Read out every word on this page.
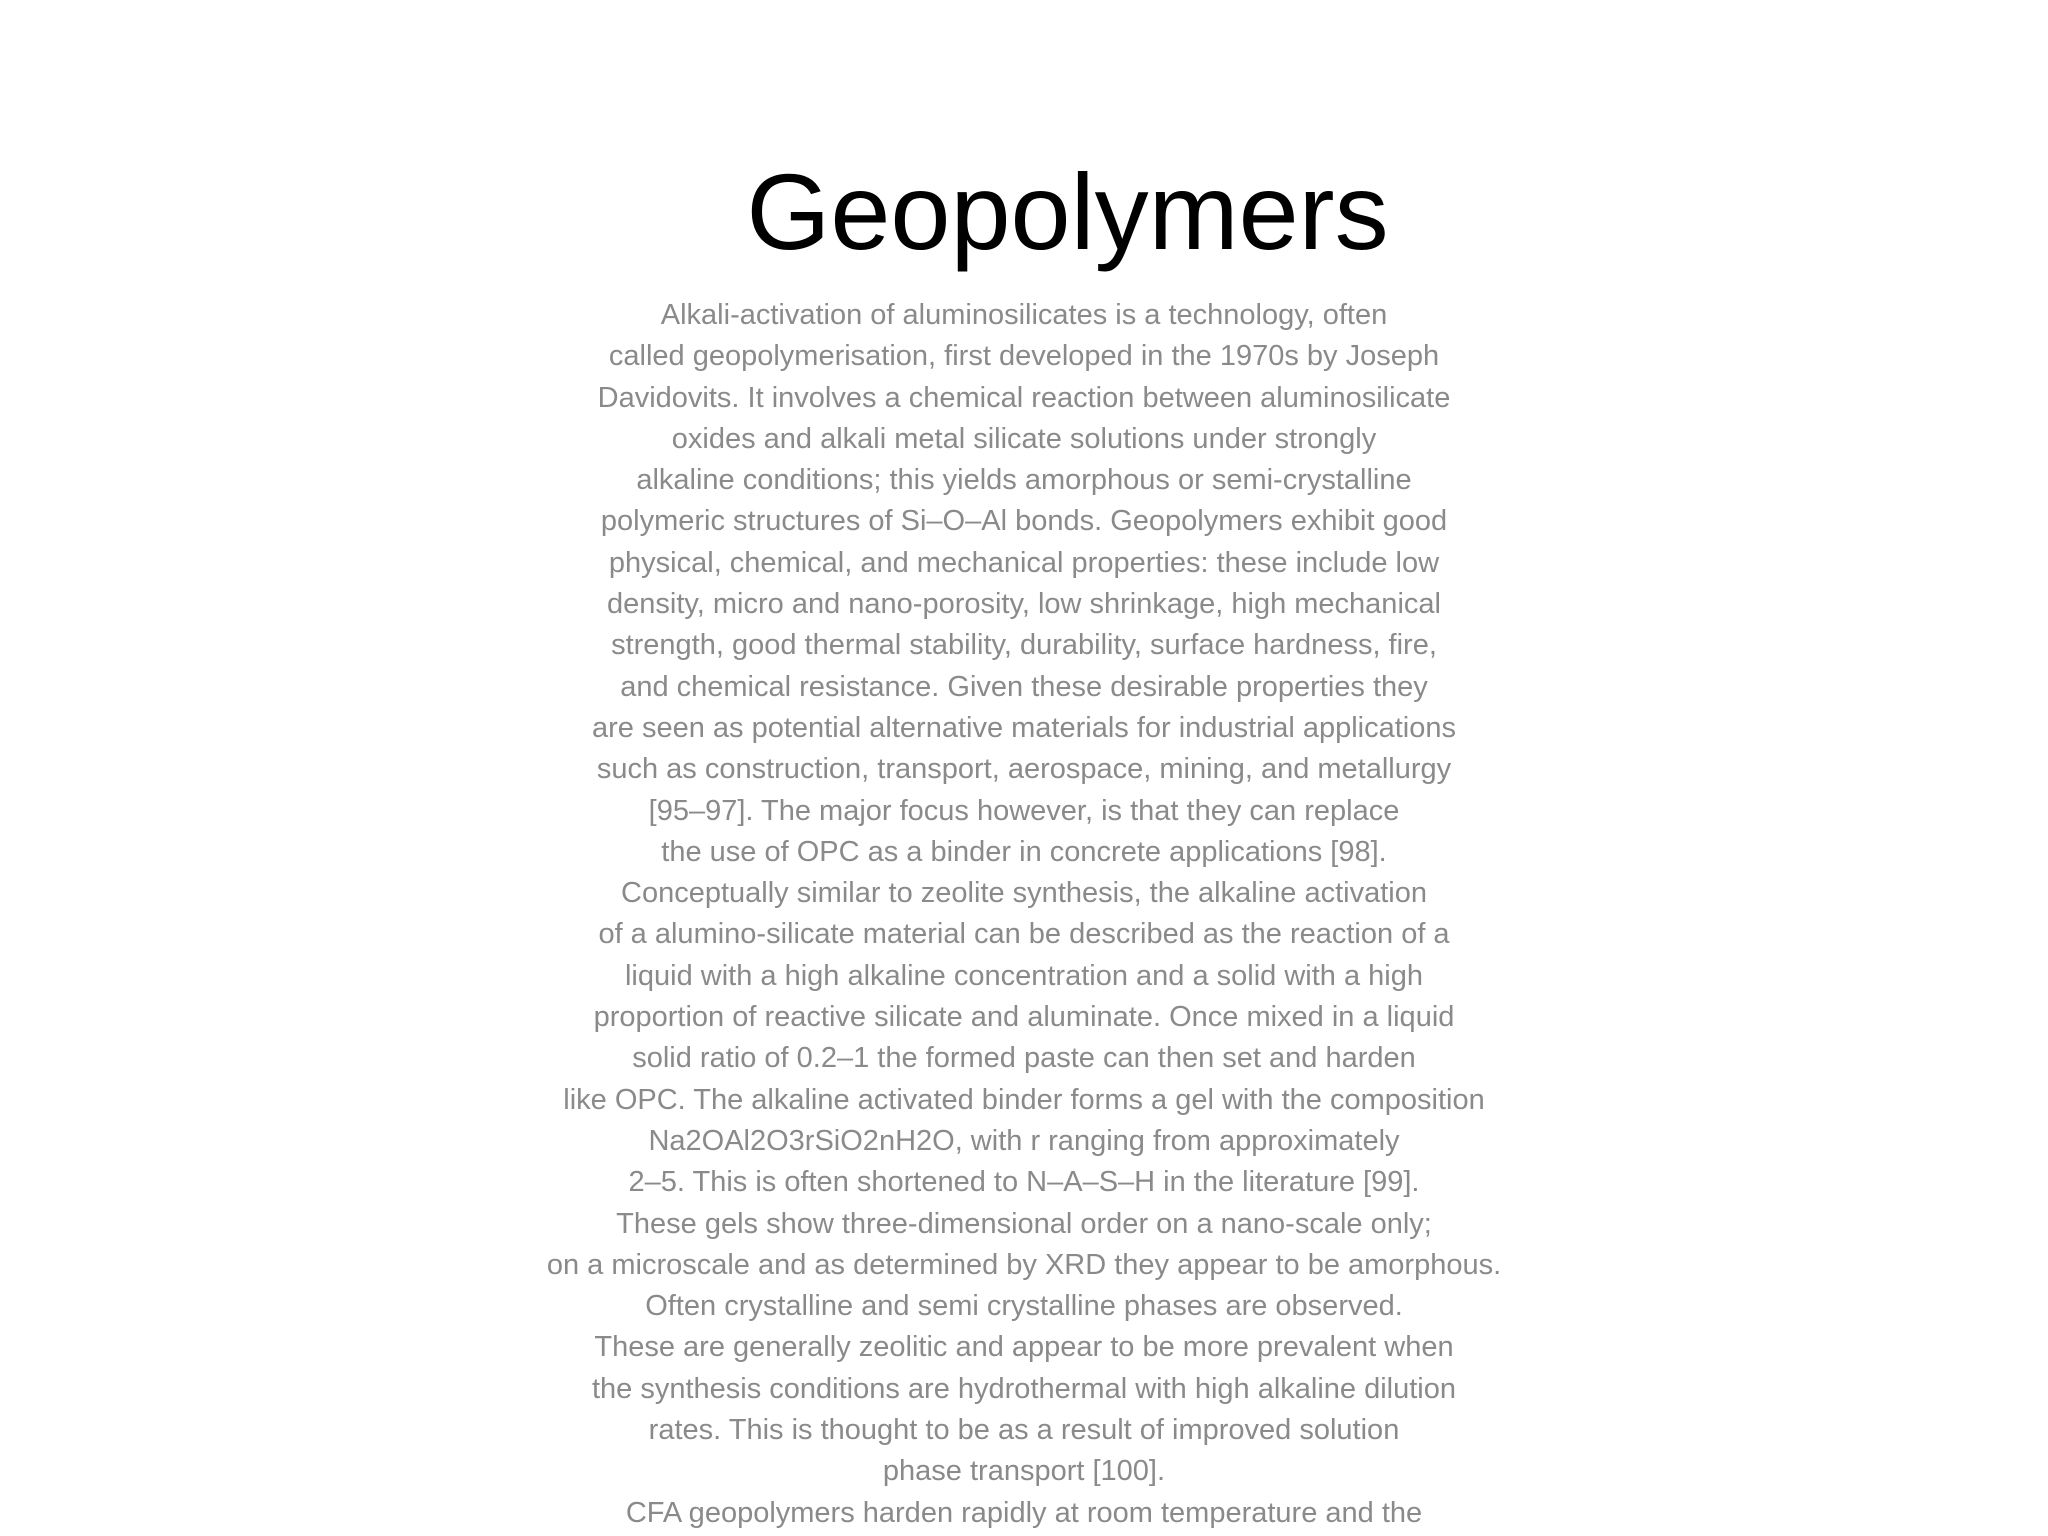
Geopolymers
Alkali-activation of aluminosilicates is a technology, often
called geopolymerisation, first developed in the 1970s by Joseph
Davidovits. It involves a chemical reaction between aluminosilicate
oxides and alkali metal silicate solutions under strongly
alkaline conditions; this yields amorphous or semi-crystalline
polymeric structures of Si–O–Al bonds. Geopolymers exhibit good
physical, chemical, and mechanical properties: these include low
density, micro and nano-porosity, low shrinkage, high mechanical
strength, good thermal stability, durability, surface hardness, fire,
and chemical resistance. Given these desirable properties they
are seen as potential alternative materials for industrial applications
such as construction, transport, aerospace, mining, and metallurgy
[95–97]. The major focus however, is that they can replace
the use of OPC as a binder in concrete applications [98].
Conceptually similar to zeolite synthesis, the alkaline activation
of a alumino-silicate material can be described as the reaction of a
liquid with a high alkaline concentration and a solid with a high
proportion of reactive silicate and aluminate. Once mixed in a liquid
solid ratio of 0.2–1 the formed paste can then set and harden
like OPC. The alkaline activated binder forms a gel with the composition
Na2OAl2O3rSiO2nH2O, with r ranging from approximately
2–5. This is often shortened to N–A–S–H in the literature [99].
These gels show three-dimensional order on a nano-scale only;
on a microscale and as determined by XRD they appear to be amorphous.
Often crystalline and semi crystalline phases are observed.
These are generally zeolitic and appear to be more prevalent when
the synthesis conditions are hydrothermal with high alkaline dilution
rates. This is thought to be as a result of improved solution
phase transport [100].
CFA geopolymers harden rapidly at room temperature and the
